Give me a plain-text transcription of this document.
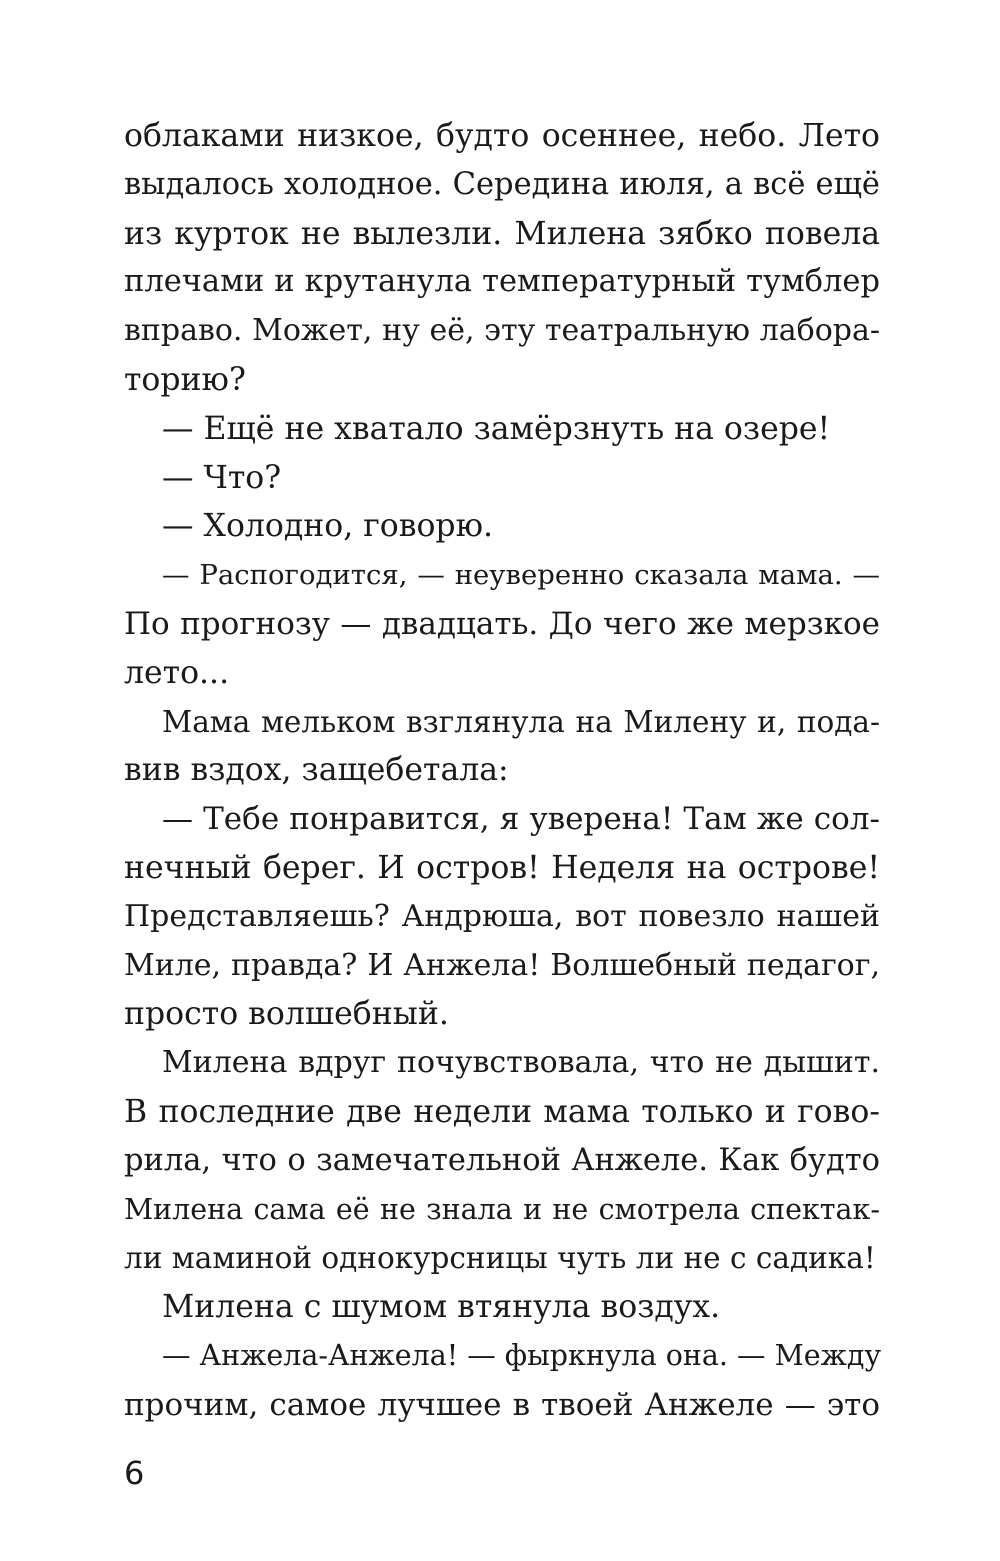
облаками низкое, будто осеннее, небо. Лето
выдалось холодное. Середина июля, а всё ещё
из курток не вылезли. Милена зябко повела
плечами и крутанула температурный тумблер
вправо. Может, ну её, эту театральную лабора-
торию?
— Ещё не хватало замёрзнуть на озере!
— Что?
— Холодно, говорю.
— Распогодится, — неуверенно сказала мама. —
По прогнозу — двадцать. До чего же мерзкое
лето...
Мама мельком взглянула на Милену и, пода-
вив вздох, защебетала:
— Тебе понравится, я уверена! Там же сол-
нечный берег. И остров! Неделя на острове!
Представляешь? Андрюша, вот повезло нашей
Миле, правда? И Анжела! Волшебный педагог,
просто волшебный.
Милена вдруг почувствовала, что не дышит.
В последние две недели мама только и гово-
рила, что о замечательной Анжеле. Как будто
Милена сама её не знала и не смотрела спектак-
ли маминой однокурсницы чуть ли не с садика!
Милена с шумом втянула воздух.
— Анжела-Анжела! — фыркнула она. — Между
прочим, самое лучшее в твоей Анжеле — это
6
